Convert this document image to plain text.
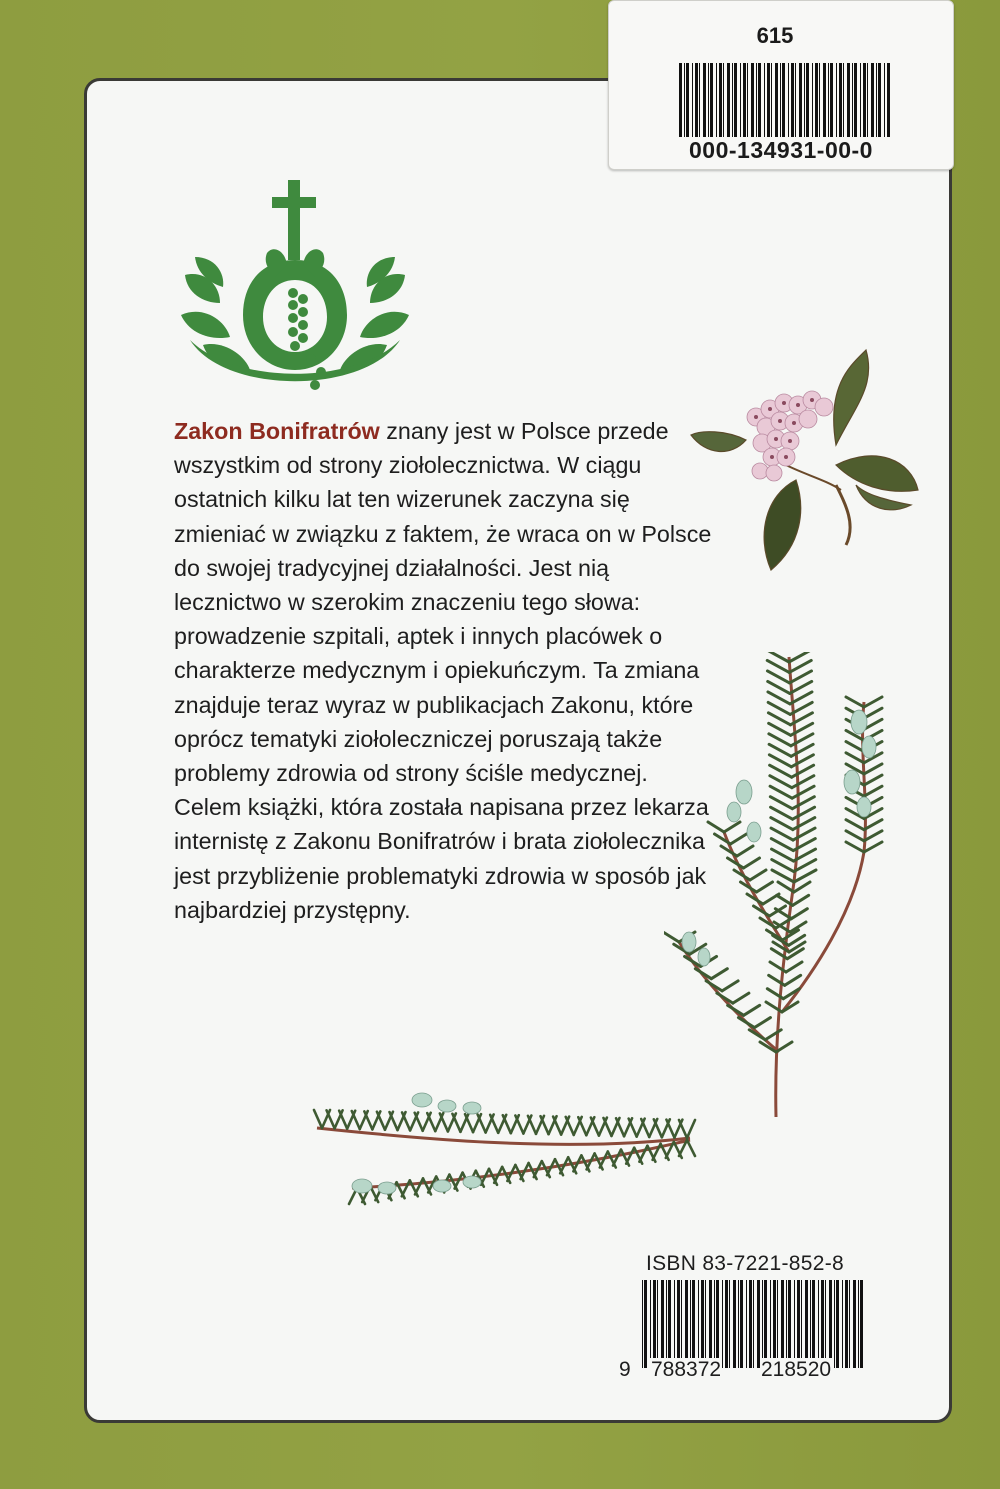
615
000-134931-00-0

Zakon Bonifratrów znany jest w Polsce przede wszystkim od strony ziołolecznictwa. W ciągu ostatnich kilku lat ten wizerunek zaczyna się zmieniać w związku z faktem, że wraca on w Polsce do swojej tradycyjnej działalności. Jest nią lecznictwo w szerokim znaczeniu tego słowa: prowadzenie szpitali, aptek i innych placówek o charakterze medycznym i opiekuńczym. Ta zmiana znajduje teraz wyraz w publikacjach Zakonu, które oprócz tematyki ziołoleczniczej poruszają także problemy zdrowia od strony ściśle medycznej.

Celem książki, która została napisana przez lekarza internistę z Zakonu Bonifratrów i brata ziołolecznika jest przybliżenie problematyki zdrowia w sposób jak najbardziej przystępny.

ISBN 83-7221-852-8
9 788372 218520
